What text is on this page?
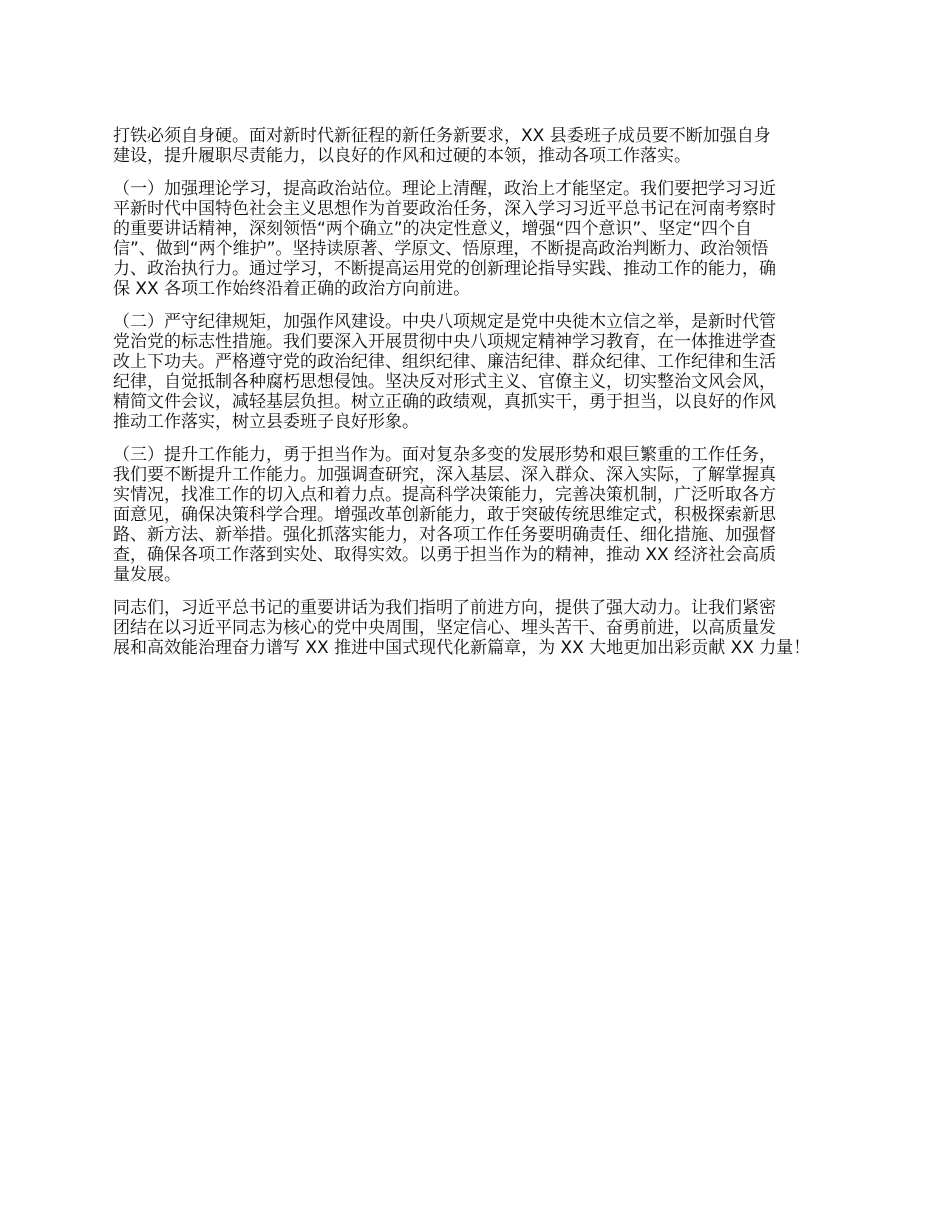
打铁必须自身硬。面对新时代新征程的新任务新要求，XX 县委班子成员要不断加强自身
建设，提升履职尽责能力，以良好的作风和过硬的本领，推动各项工作落实。

（一）加强理论学习，提高政治站位。理论上清醒，政治上才能坚定。我们要把学习习近
平新时代中国特色社会主义思想作为首要政治任务，深入学习习近平总书记在河南考察时
的重要讲话精神，深刻领悟“两个确立”的决定性意义，增强“四个意识”、坚定“四个自
信”、做到“两个维护”。坚持读原著、学原文、悟原理，不断提高政治判断力、政治领悟
力、政治执行力。通过学习，不断提高运用党的创新理论指导实践、推动工作的能力，确
保 XX 各项工作始终沿着正确的政治方向前进。

（二）严守纪律规矩，加强作风建设。中央八项规定是党中央徙木立信之举，是新时代管
党治党的标志性措施。我们要深入开展贯彻中央八项规定精神学习教育，在一体推进学查
改上下功夫。严格遵守党的政治纪律、组织纪律、廉洁纪律、群众纪律、工作纪律和生活
纪律，自觉抵制各种腐朽思想侵蚀。坚决反对形式主义、官僚主义，切实整治文风会风，
精简文件会议，减轻基层负担。树立正确的政绩观，真抓实干，勇于担当，以良好的作风
推动工作落实，树立县委班子良好形象。

（三）提升工作能力，勇于担当作为。面对复杂多变的发展形势和艰巨繁重的工作任务，
我们要不断提升工作能力。加强调查研究，深入基层、深入群众、深入实际，了解掌握真
实情况，找准工作的切入点和着力点。提高科学决策能力，完善决策机制，广泛听取各方
面意见，确保决策科学合理。增强改革创新能力，敢于突破传统思维定式，积极探索新思
路、新方法、新举措。强化抓落实能力，对各项工作任务要明确责任、细化措施、加强督
查，确保各项工作落到实处、取得实效。以勇于担当作为的精神，推动 XX 经济社会高质
量发展。

同志们，习近平总书记的重要讲话为我们指明了前进方向，提供了强大动力。让我们紧密
团结在以习近平同志为核心的党中央周围，坚定信心、埋头苦干、奋勇前进，以高质量发
展和高效能治理奋力谱写 XX 推进中国式现代化新篇章，为 XX 大地更加出彩贡献 XX 力量！
